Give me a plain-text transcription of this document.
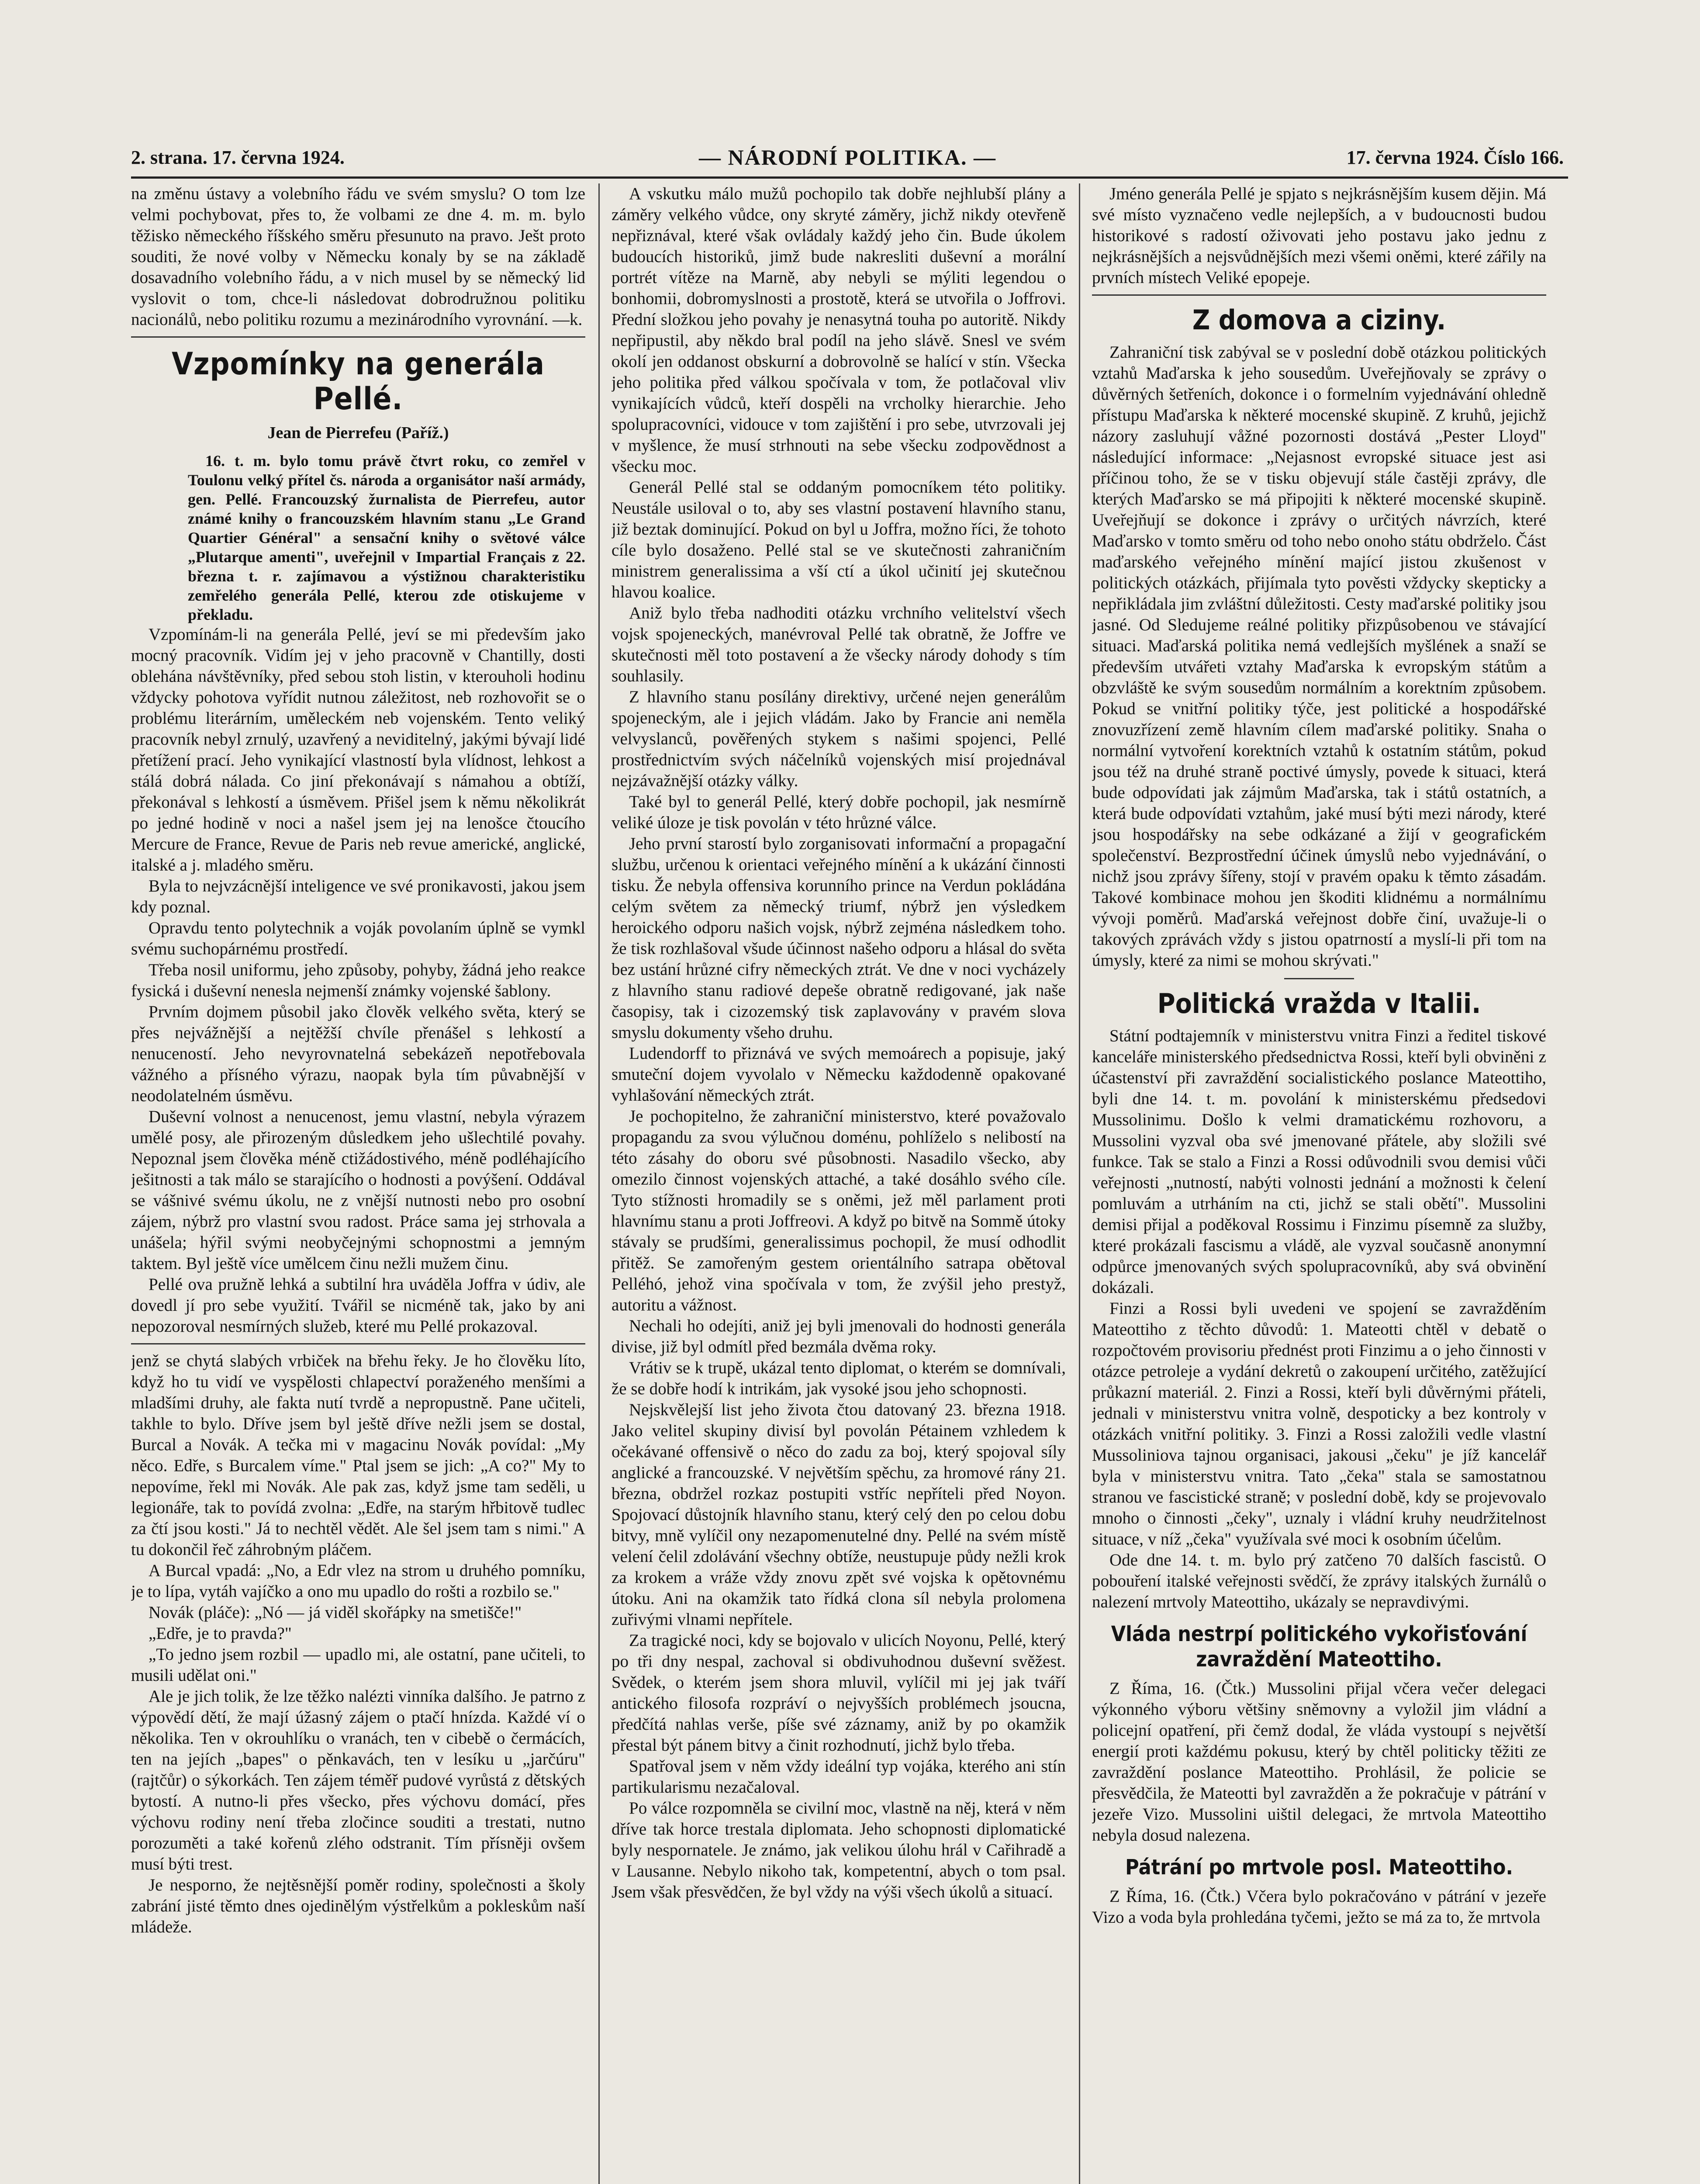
2. strana. 17. června 1924.	— NÁRODNÍ POLITIKA. —	17. června 1924. Číslo 166.

na změnu ústavy a volebního řádu ve svém smyslu? O tom lze velmi pochybovat, přes to, že volbami ze dne 4. m. m. bylo těžisko německého říšského směru přesunuto na pravo. Ješt proto souditi, že nové volby v Německu konaly by se na základě dosavadního volebního řádu, a v nich musel by se německý lid vyslovit o tom, chce-li následovat dobrodružnou politiku nacionálů, nebo politiku rozumu a mezinárodního vyrovnání. —k.

Vzpomínky na generála Pellé.
Jean de Pierrefeu (Paříž.)

16. t. m. bylo tomu právě čtvrt roku, co zemřel v Toulonu velký přítel čs. národa a organisátor naší armády, gen. Pellé. Francouzský žurnalista de Pierrefeu, autor známé knihy o francouzském hlavním stanu „Le Grand Quartier Général" a sensační knihy o světové válce „Plutarque amenti", uveřejnil v Impartial Français z 22. března t. r. zajímavou a výstižnou charakteristiku zemřelého generála Pellé, kterou zde otiskujeme v překladu.

Vzpomínám-li na generála Pellé, jeví se mi především jako mocný pracovník. Vidím jej v jeho pracovně v Chantilly, dosti oblehána návštěvníky, před sebou stoh listin, v kterouholi hodinu vždycky pohotova vyřídit nutnou záležitost, neb rozhovořit se o problému literárním, uměleckém neb vojenském. Tento veliký pracovník nebyl zrnulý, uzavřený a neviditelný, jakými bývají lidé přetížení prací. Jeho vynikající vlastností byla vlídnost, lehkost a stálá dobrá nálada. Co jiní překonávají s námahou a obtíží, překonával s lehkostí a úsměvem. Přišel jsem k němu několikrát po jedné hodině v noci a našel jsem jej na lenošce čtoucího Mercure de France, Revue de Paris neb revue americké, anglické, italské a j. mladého směru.

Byla to nejvzácnější inteligence ve své pronikavosti, jakou jsem kdy poznal.

Opravdu tento polytechnik a voják povolaním úplně se vymkl svému suchopárnému prostředí.

Třeba nosil uniformu, jeho způsoby, pohyby, žádná jeho reakce fysická i duševní nenesla nejmenší známky vojenské šablony.

Prvním dojmem působil jako člověk velkého světa, který se přes nejvážnější a nejtěžší chvíle přenášel s lehkostí a nenuceností. Jeho nevyrovnatelná sebekázeň nepotřebovala vážného a přísného výrazu, naopak byla tím půvabnější v neodolatelném úsměvu.

Duševní volnost a nenucenost, jemu vlastní, nebyla výrazem umělé posy, ale přirozeným důsledkem jeho ušlechtilé povahy. Nepoznal jsem člověka méně ctižádostivého, méně podléhajícího ješitnosti a tak málo se starajícího o hodnosti a povýšení. Oddával se vášnivé svému úkolu, ne z vnější nutnosti nebo pro osobní zájem, nýbrž pro vlastní svou radost. Práce sama jej strhovala a unášela; hýřil svými neobyčejnými schopnostmi a jemným taktem. Byl ještě více umělcem činu nežli mužem činu.

Pellé ova pružně lehká a subtilní hra uváděla Joffra v údiv, ale dovedl jí pro sebe využití. Tvářil se nicméně tak, jako by ani nepozoroval nesmírných služeb, které mu Pellé prokazoval.

jenž se chytá slabých vrbiček na břehu řeky. Je ho člověku líto, když ho tu vidí ve vyspělosti chlapectví poraženého menšími a mladšími druhy, ale fakta nutí tvrdě a nepropustně. Pane učiteli, takhle to bylo. Dříve jsem byl ještě dříve nežli jsem se dostal, Burcal a Novák. A tečka mi v magacinu Novák povídal: „My něco. Edře, s Burcalem víme." Ptal jsem se jich: „A co?" My to nepovíme, řekl mi Novák. Ale pak zas, když jsme tam seděli, u legionáře, tak to povídá zvolna: „Edře, na starým hřbitově tudlec za čtí jsou kosti." Já to nechtěl vědět. Ale šel jsem tam s nimi." A tu dokončil řeč záhrobným pláčem.

A Burcal vpadá: „No, a Edr vlez na strom u druhého pomníku, je to lípa, vytáh vajíčko a ono mu upadlo do rošti a rozbilo se."

Novák (pláče): „Nó — já viděl skořápky na smetišče!"

„Edře, je to pravda?"

„To jedno jsem rozbil — upadlo mi, ale ostatní, pane učiteli, to musili udělat oni."

Ale je jich tolik, že lze těžko nalézti vinníka dalšího. Je patrno z výpovědí dětí, že mají úžasný zájem o ptačí hnízda. Každé ví o několika. Ten v okrouhlíku o vranách, ten v cibebě o čermácích, ten na jejích „bapes" o pěnkavách, ten v lesíku u „jarčúru" (rajtčůr) o sýkorkách. Ten zájem téměř pudové vyrůstá z dětských bytostí. A nutno-li přes všecko, přes výchovu domácí, přes výchovu rodiny není třeba zločince souditi a trestati, nutno porozuměti a také kořenů zlého odstranit. Tím přísněji ovšem musí býti trest.

Je nesporno, že nejtěsnější poměr rodiny, společnosti a školy zabrání jisté těmto dnes ojedinělým výstřelkům a pokleskům naší mládeže.

A vskutku málo mužů pochopilo tak dobře nejhlubší plány a záměry velkého vůdce, ony skryté záměry, jichž nikdy otevřeně nepřiznával, které však ovládaly každý jeho čin. Bude úkolem budoucích historiků, jimž bude nakresliti duševní a morální portrét vítěze na Marně, aby nebyli se mýliti legendou o bonhomii, dobromyslnosti a prostotě, která se utvořila o Joffrovi. Přední složkou jeho povahy je nenasytná touha po autoritě. Nikdy nepřipustil, aby někdo bral podíl na jeho slávě. Snesl ve svém okolí jen oddanost obskurní a dobrovolně se halící v stín. Všecka jeho politika před válkou spočívala v tom, že potlačoval vliv vynikajících vůdců, kteří dospěli na vrcholky hierarchie. Jeho spolupracovníci, vidouce v tom zajištění i pro sebe, utvrzovali jej v myšlence, že musí strhnouti na sebe všecku zodpovědnost a všecku moc.

Generál Pellé stal se oddaným pomocníkem této politiky. Neustále usiloval o to, aby ses vlastní postavení hlavního stanu, již beztak dominující. Pokud on byl u Joffra, možno říci, že tohoto cíle bylo dosaženo. Pellé stal se ve skutečnosti zahraničním ministrem generalissima a vší ctí a úkol učinití jej skutečnou hlavou koalice.

Aniž bylo třeba nadhoditi otázku vrchního velitelství všech vojsk spojeneckých, manévroval Pellé tak obratně, že Joffre ve skutečnosti měl toto postavení a že všecky národy dohody s tím souhlasily.

Z hlavního stanu posílány direktivy, určené nejen generálům spojeneckým, ale i jejich vládám. Jako by Francie ani neměla velvyslanců, pověřených stykem s našimi spojenci, Pellé prostřednictvím svých náčelníků vojenských misí projednával nejzávažnější otázky války.

Také byl to generál Pellé, který dobře pochopil, jak nesmírně veliké úloze je tisk povolán v této hrůzné válce.

Jeho první starostí bylo zorganisovati informační a propagační službu, určenou k orientaci veřejného mínění a k ukázání činnosti tisku. Že nebyla offensiva korunního prince na Verdun pokládána celým světem za německý triumf, nýbrž jen výsledkem heroického odporu našich vojsk, nýbrž zejména následkem toho. že tisk rozhlašoval všude účinnost našeho odporu a hlásal do světa bez ustání hrůzné cifry německých ztrát. Ve dne v noci vycházely z hlavního stanu radiové depeše obratně redigované, jak naše časopisy, tak i cizozemský tisk zaplavovány v pravém slova smyslu dokumenty všeho druhu.

Ludendorff to přiznává ve svých memoárech a popisuje, jaký smuteční dojem vyvolalo v Německu každodenně opakované vyhlašování německých ztrát.

Je pochopitelno, že zahraniční ministerstvo, které považovalo propagandu za svou výlučnou doménu, pohlíželo s nelibostí na této zásahy do oboru své působnosti. Nasadilo všecko, aby omezilo činnost vojenských attaché, a také dosáhlo svého cíle. Tyto stížnosti hromadily se s oněmi, jež měl parlament proti hlavnímu stanu a proti Joffreovi. A když po bitvě na Sommě útoky stávaly se prudšími, generalissimus pochopil, že musí odhodlit přitěž. Se zamořeným gestem orientálního satrapa obětoval Pelléhó, jehož vina spočívala v tom, že zvýšil jeho prestyž, autoritu a vážnost.

Nechali ho odejíti, aniž jej byli jmenovali do hodnosti generála divise, již byl odmítl před bezmála dvěma roky.

Vrátiv se k trupě, ukázal tento diplomat, o kterém se domnívali, že se dobře hodí k intrikám, jak vysoké jsou jeho schopnosti.

Nejskvělejší list jeho života čtou datovaný 23. března 1918. Jako velitel skupiny divisí byl povolán Pétainem vzhledem k očekávané offensivě o něco do zadu za boj, který spojoval síly anglické a francouzské. V největším spěchu, za hromové rány 21. března, obdržel rozkaz postupiti vstříc nepříteli před Noyon. Spojovací důstojník hlavního stanu, který celý den po celou dobu bitvy, mně vylíčil ony nezapomenutelné dny. Pellé na svém místě velení čelil zdolávání všechny obtíže, neustupuje půdy nežli krok za krokem a vráže vždy znovu zpět své vojska k opětovnému útoku. Ani na okamžik tato řídká clona síl nebyla prolomena zuřivými vlnami nepřítele.

Za tragické noci, kdy se bojovalo v ulicích Noyonu, Pellé, který po tři dny nespal, zachoval si obdivuhodnou duševní svěžest. Svědek, o kterém jsem shora mluvil, vylíčil mi jej jak tváří antického filosofa rozpráví o nejvyšších problémech jsoucna, předčítá nahlas verše, píše své záznamy, aniž by po okamžik přestal být pánem bitvy a činit rozhodnutí, jichž bylo třeba.

Spatřoval jsem v něm vždy ideální typ vojáka, kterého ani stín partikularismu nezačaloval.

Po válce rozpomněla se civilní moc, vlastně na něj, která v něm dříve tak horce trestala diplomata. Jeho schopnosti diplomatické byly nespornatele. Je známo, jak velikou úlohu hrál v Cařihradě a v Lausanne. Nebylo nikoho tak, kompetentní, abych o tom psal. Jsem však přesvědčen, že byl vždy na výši všech úkolů a situací.

Jméno generála Pellé je spjato s nejkrásnějším kusem dějin. Má své místo vyznačeno vedle nejlepších, a v budoucnosti budou historikové s radostí oživovati jeho postavu jako jednu z nejkrásnějších a nejsvůdnějších mezi všemi oněmi, které zářily na prvních místech Veliké epopeje.

Z domova a ciziny.

Zahraniční tisk zabýval se v poslední době otázkou politických vztahů Maďarska k jeho sousedům. Uveřejňovaly se zprávy o důvěrných šetřeních, dokonce i o formelním vyjednávání ohledně přístupu Maďarska k některé mocenské skupině. Z kruhů, jejichž názory zasluhují våžné pozornosti dostává „Pester Lloyd" následující informace: „Nejasnost evropské situace jest asi příčinou toho, že se v tisku objevují stále častěji zprávy, dle kterých Maďarsko se má připojiti k některé mocenské skupině. Uveřejňují se dokonce i zprávy o určitých návrzích, které Maďarsko v tomto směru od toho nebo onoho státu obdrželo. Část maďarského veřejného mínění mající jistou zkušenost v politických otázkách, přijímala tyto pověsti vždycky skepticky a nepřikládala jim zvláštní důležitosti. Cesty maďarské politiky jsou jasné. Od Sledujeme reálné politiky přizpůsobenou ve stávající situaci. Maďarská politika nemá vedlejších myšlének a snaží se především utvářeti vztahy Maďarska k evropským státům a obzvláště ke svým sousedům normálním a korektním způsobem. Pokud se vnitřní politiky týče, jest politické a hospodářské znovuzřízení země hlavním cílem maďarské politiky. Snaha o normální vytvoření korektních vztahů k ostatním státům, pokud jsou též na druhé straně poctivé úmysly, povede k situaci, která bude odpovídati jak zájmům Maďarska, tak i států ostatních, a která bude odpovídati vztahům, jaké musí býti mezi národy, které jsou hospodářsky na sebe odkázané a žijí v geografickém společenství. Bezprostřední účinek úmyslů nebo vyjednávání, o nichž jsou zprávy šířeny, stojí v pravém opaku k těmto zásadám. Takové kombinace mohou jen škoditi klidnému a normálnímu vývoji poměrů. Maďarská veřejnost dobře činí, uvažuje-li o takových zprávách vždy s jistou opatrností a myslí-li při tom na úmysly, které za nimi se mohou skrývati."

Politická vražda v Italii.

Státní podtajemník v ministerstvu vnitra Finzi a ředitel tiskové kanceláře ministerského předsednictva Rossi, kteří byli obviněni z účastenství při zavraždění socialistického poslance Mateottiho, byli dne 14. t. m. povolání k ministerskému předsedovi Mussolinimu. Došlo k velmi dramatickému rozhovoru, a Mussolini vyzval oba své jmenované přátele, aby složili své funkce. Tak se stalo a Finzi a Rossi odůvodnili svou demisi vůči veřejnosti „nutností, nabýti volnosti jednání a možnosti k čelení pomluvám a utrháním na cti, jichž se stali obětí". Mussolini demisi přijal a poděkoval Rossimu i Finzimu písemně za služby, které prokázali fascismu a vládě, ale vyzval současně anonymní odpůrce jmenovaných svých spolupracovníků, aby svá obvinění dokázali.

Finzi a Rossi byli uvedeni ve spojení se zavražděním Mateottiho z těchto důvodů: 1. Mateotti chtěl v debatě o rozpočtovém provisoriu přednést proti Finzimu a o jeho činnosti v otázce petroleje a vydání dekretů o zakoupení určitého, zatěžující průkazní materiál. 2. Finzi a Rossi, kteří byli důvěrnými přáteli, jednali v ministerstvu vnitra volně, despoticky a bez kontroly v otázkách vnitřní politiky. 3. Finzi a Rossi založili vedle vlastní Mussoliniova tajnou organisaci, jakousi „čeku" je jíž kancelář byla v ministerstvu vnitra. Tato „čeka" stala se samostatnou stranou ve fascistické straně; v poslední době, kdy se projevovalo mnoho o činnosti „čeky", uznaly i vládní kruhy neudržitelnost situace, v níž „čeka" využívala své moci k osobním účelům.

Ode dne 14. t. m. bylo prý zatčeno 70 dalších fascistů. O pobouření italské veřejnosti svědčí, že zprávy italských žurnálů o nalezení mrtvoly Mateottiho, ukázaly se nepravdivými.

Vláda nestrpí politického vykořisťování zavraždění Mateottiho.

Z Říma, 16. (Čtk.) Mussolini přijal včera večer delegaci výkonného výboru většiny sněmovny a vyložil jim vládní a policejní opatření, při čemž dodal, že vláda vystoupí s největší energií proti každému pokusu, který by chtěl politicky těžiti ze zavraždění poslance Mateottiho. Prohlásil, že policie se přesvědčila, že Mateotti byl zavražděn a že pokračuje v pátrání v jezeře Vizo. Mussolini uištil delegaci, že mrtvola Mateottiho nebyla dosud nalezena.

Pátrání po mrtvole posl. Mateottiho.

Z Říma, 16. (Čtk.) Včera bylo pokračováno v pátrání v jezeře Vizo a voda byla prohledána tyčemi, ježto se má za to, že mrtvola
